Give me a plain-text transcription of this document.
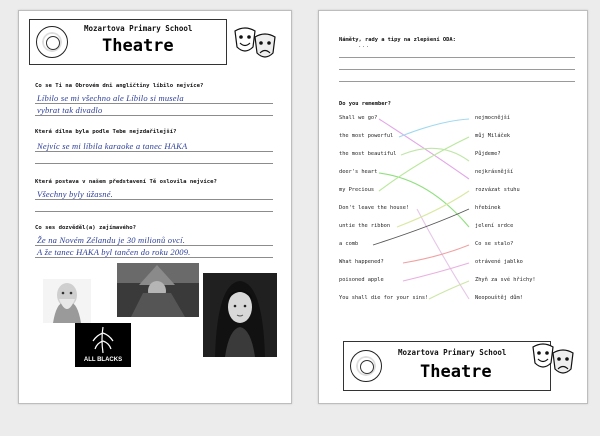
Mozartova Primary School
Theatre
Co se Ti na Obrovém dni angličtiny líbilo nejvíce?
Líbilo se mi všechno ale Líbilo si musela
vybrat tak divadlo
Která dílna byla podle Tebe nejzdařilejší?
Nejvíc se mi líbila karaoke a tanec HAKA
Která postava v našem představení Tě oslovila nejvíce?
Všechny byly úžasné.
Co ses dozvěděl(a) zajímavého?
Že na Novém Zélandu je 30 milionů ovcí.
A že tanec HAKA byl tančen do roku 2009.
ALL BLACKS
Náměty, rady a tipy na zlepšení ODA:
. . .
Do you remember?
Mozartova Primary School
Theatre
Shall we go?
the most powerful
the most beautiful
deer's heart
my Precious
Don't leave the house!
untie the ribbon
a comb
What happened?
poisoned apple
You shall die for your sins!
nejmocnější
můj Miláček
Půjdeme?
nejkrásnější
rozvázat stuhu
hřebínek
jelení srdce
Co se stalo?
otrávené jablko
Zhyň za své hříchy!
Neopouštěj dům!
